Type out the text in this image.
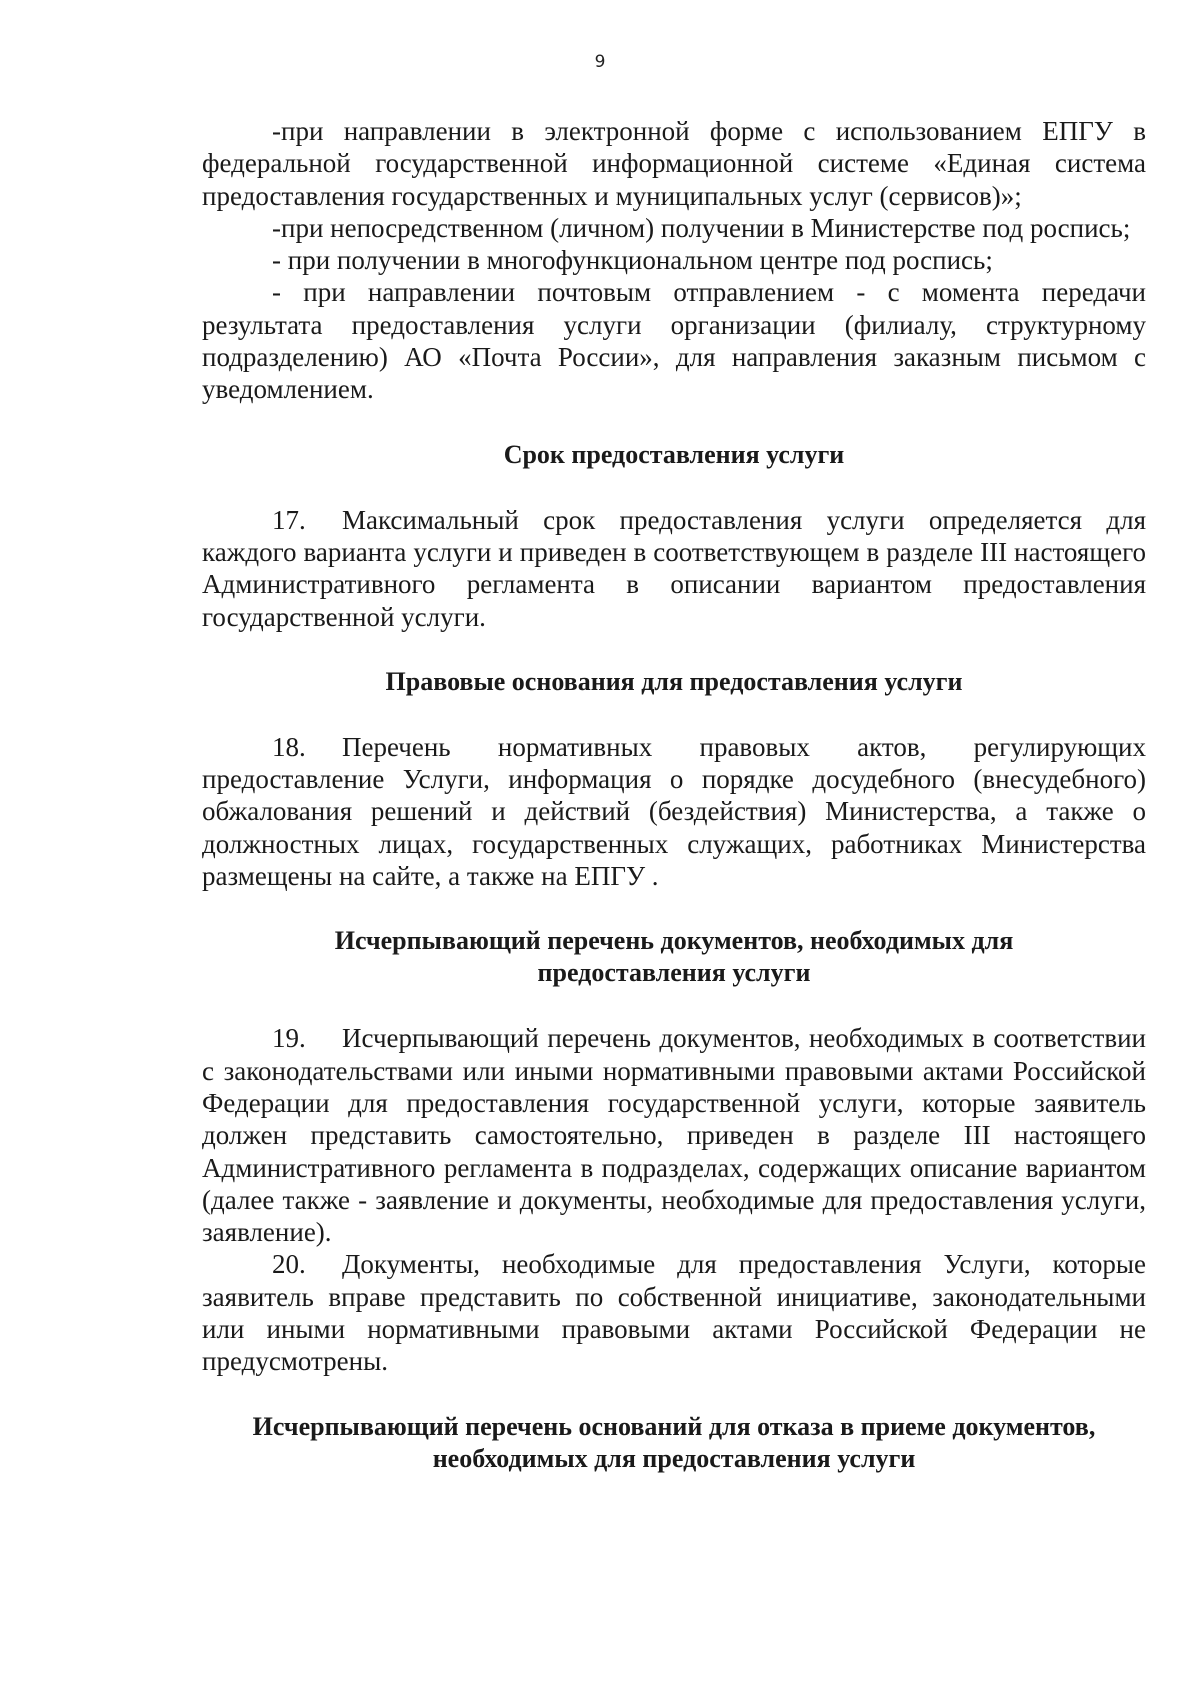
9

-при направлении в электронной форме с использованием ЕПГУ в федеральной государственной информационной системе «Единая система предоставления государственных и муниципальных услуг (сервисов)»;

-при непосредственном (личном) получении в Министерстве под роспись;

- при получении в многофункциональном центре под роспись;

- при направлении почтовым отправлением - с момента передачи результата предоставления услуги организации (филиалу, структурному подразделению) АО «Почта России», для направления заказным письмом с уведомлением.

Срок предоставления услуги

17. Максимальный срок предоставления услуги определяется для каждого варианта услуги и приведен в соответствующем в разделе III настоящего Административного регламента в описании вариантом предоставления государственной услуги.

Правовые основания для предоставления услуги

18. Перечень нормативных правовых актов, регулирующих предоставление Услуги, информация о порядке досудебного (внесудебного) обжалования решений и действий (бездействия) Министерства, а также о должностных лицах, государственных служащих, работниках Министерства размещены на сайте, а также на ЕПГУ .

Исчерпывающий перечень документов, необходимых для
предоставления услуги

19. Исчерпывающий перечень документов, необходимых в соответствии с законодательствами или иными нормативными правовыми актами Российской Федерации для предоставления государственной услуги, которые заявитель должен представить самостоятельно, приведен в разделе III настоящего Административного регламента в подразделах, содержащих описание вариантом (далее также - заявление и документы, необходимые для предоставления услуги, заявление).

20. Документы, необходимые для предоставления Услуги, которые заявитель вправе представить по собственной инициативе, законодательными или иными нормативными правовыми актами Российской Федерации не предусмотрены.

Исчерпывающий перечень оснований для отказа в приеме документов,
необходимых для предоставления услуги
